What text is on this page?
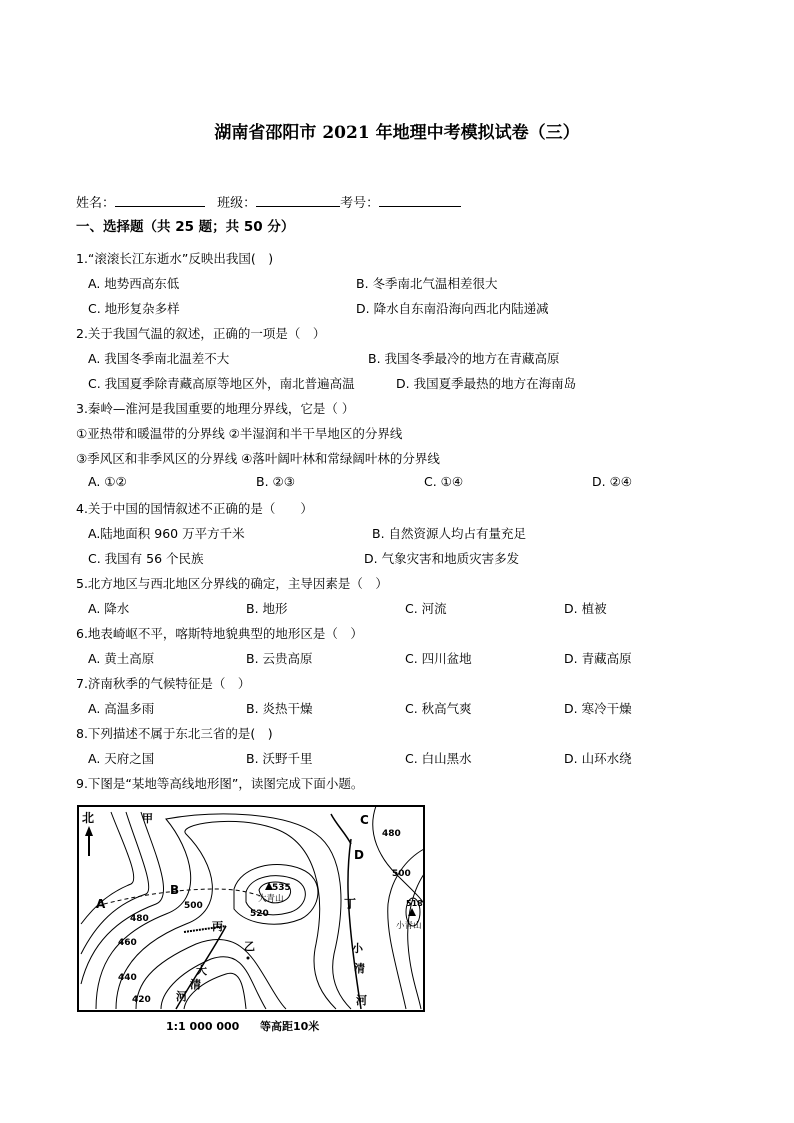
湖南省邵阳市 2021 年地理中考模拟试卷（三）
姓名：	班级：	考号：
一、选择题（共 25 题；共 50 分）
1.“滚滚长江东逝水”反映出我国(　)
A. 地势西高东低	B. 冬季南北气温相差很大
C. 地形复杂多样	D. 降水自东南沿海向西北内陆递减
2.关于我国气温的叙述，正确的一项是（　）
A. 我国冬季南北温差不大	B. 我国冬季最冷的地方在青藏高原
C. 我国夏季除青藏高原等地区外，南北普遍高温	D. 我国夏季最热的地方在海南岛
3.秦岭—淮河是我国重要的地理分界线，它是（ ）
①亚热带和暖温带的分界线 ②半湿润和半干旱地区的分界线
③季风区和非季风区的分界线 ④落叶阔叶林和常绿阔叶林的分界线
A. ①②	B. ②③	C. ①④	D. ②④
4.关于中国的国情叙述不正确的是（　　）
A.陆地面积 960 万平方千米	B. 自然资源人均占有量充足
C. 我国有 56 个民族	D. 气象灾害和地质灾害多发
5.北方地区与西北地区分界线的确定，主导因素是（　）
A. 降水	B. 地形	C. 河流	D. 植被
6.地表崎岖不平，喀斯特地貌典型的地形区是（　）
A. 黄土高原	B. 云贵高原	C. 四川盆地	D. 青藏高原
7.济南秋季的气候特征是（　）
A. 高温多雨	B. 炎热干燥	C. 秋高气爽	D. 寒冷干燥
8.下列描述不属于东北三省的是(　)
A. 天府之国	B. 沃野千里	C. 白山黑水	D. 山环水绕
9.下图是“某地等高线地形图”，读图完成下面小题。
北
535
大青山	518
小青山
甲
A
B
C
D
丙
丁
乙
480
500
520
460
440
420
480
500
大
清
河
小
清
河
1:1 000 000 等高距10米
